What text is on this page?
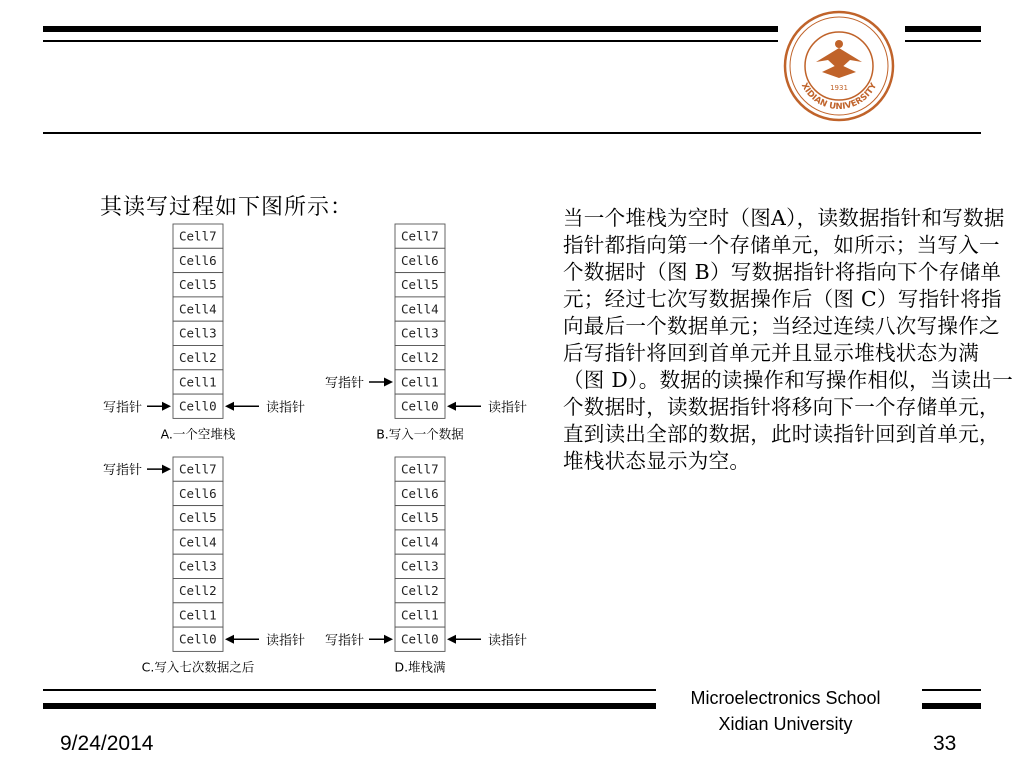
1931
XIDIAN UNIVERSITY
其读写过程如下图所示：
Cell7
Cell6
Cell5
Cell4
Cell3
Cell2
Cell1
Cell0
写指针	读指针
A.一个空堆栈
Cell7
Cell6
Cell5
Cell4
Cell3
Cell2
Cell1
Cell0
写指针
读指针
B.写入一个数据
Cell7
Cell6
Cell5
Cell4
Cell3
Cell2
Cell1
Cell0
写指针
读指针
C.写入七次数据之后
Cell7
Cell6
Cell5
Cell4
Cell3
Cell2
Cell1
Cell0
写指针	读指针
D.堆栈满
当一个堆栈为空时（图A），读数据指针和写数据指针都指向第一个存储单元，如所示；当写入一个数据时（图 B）写数据指针将指向下个存储单元；经过七次写数据操作后（图 C）写指针将指向最后一个数据单元；当经过连续八次写操作之后写指针将回到首单元并且显示堆栈状态为满（图 D）。数据的读操作和写操作相似，当读出一个数据时，读数据指针将移向下一个存储单元，直到读出全部的数据，此时读指针回到首单元，堆栈状态显示为空。
Microelectronics School
Xidian University
9/24/2014	33
